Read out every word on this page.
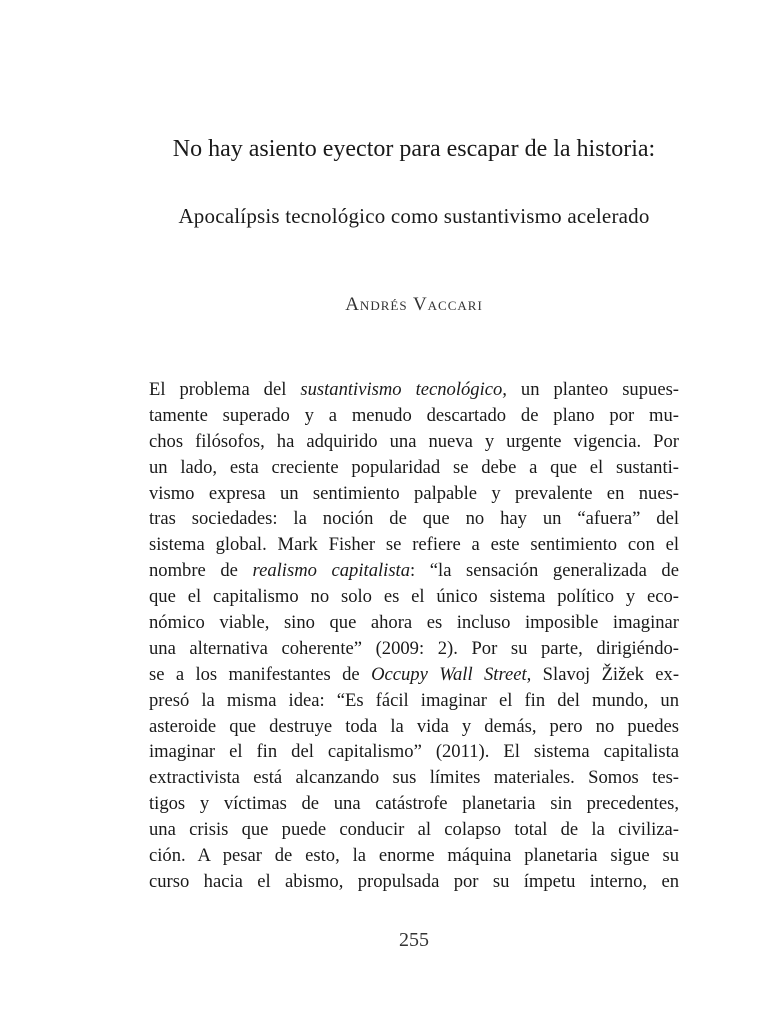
No hay asiento eyector para escapar de la historia:
Apocalípsis tecnológico como sustantivismo acelerado
Andrés Vaccari
El problema del sustantivismo tecnológico, un planteo supues-
tamente superado y a menudo descartado de plano por mu-
chos filósofos, ha adquirido una nueva y urgente vigencia. Por
un lado, esta creciente popularidad se debe a que el sustanti-
vismo expresa un sentimiento palpable y prevalente en nues-
tras sociedades: la noción de que no hay un “afuera” del
sistema global. Mark Fisher se refiere a este sentimiento con el
nombre de realismo capitalista: “la sensación generalizada de
que el capitalismo no solo es el único sistema político y eco-
nómico viable, sino que ahora es incluso imposible imaginar
una alternativa coherente” (2009: 2). Por su parte, dirigiéndo-
se a los manifestantes de Occupy Wall Street, Slavoj Žižek ex-
presó la misma idea: “Es fácil imaginar el fin del mundo, un
asteroide que destruye toda la vida y demás, pero no puedes
imaginar el fin del capitalismo” (2011). El sistema capitalista
extractivista está alcanzando sus límites materiales. Somos tes-
tigos y víctimas de una catástrofe planetaria sin precedentes,
una crisis que puede conducir al colapso total de la civiliza-
ción. A pesar de esto, la enorme máquina planetaria sigue su
curso hacia el abismo, propulsada por su ímpetu interno, en
255
